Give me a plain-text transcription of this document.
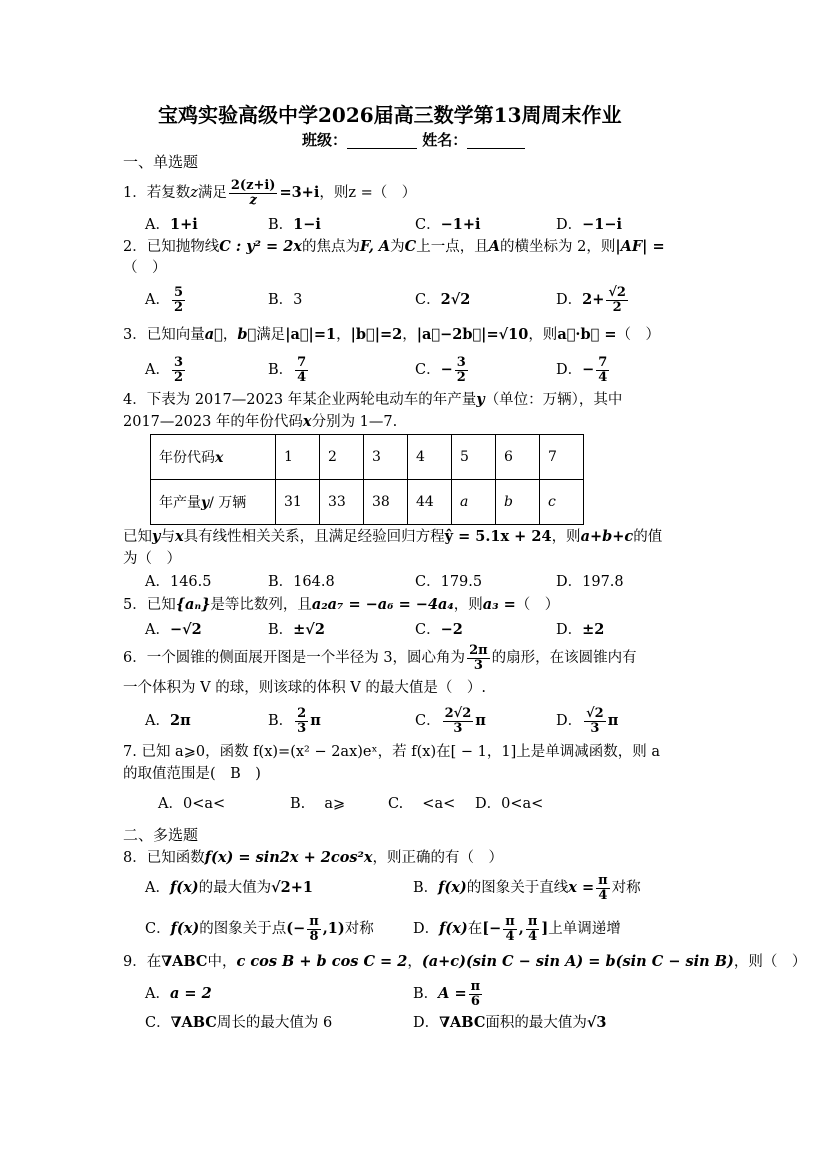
宝鸡实验高级中学2026届高三数学第13周周末作业
班级：	姓名：
一、单选题
1．若复数z满足 $\frac{2(z+i)}{z} =3+i$，则z =（　）
A．1+i	B．1−i	C．−1+i	D．−1−i
2．已知抛物线C : y² = 2x的焦点为F, A为C上一点，且A的横坐标为 2，则|AF| =
（　）
A． $\frac{5}{2}$	B．3	C．2√2	D．$2+ \frac{√2}{2}$
3．已知向量a⃗，b⃗满足|a⃗|=1，|b⃗|=2，|a⃗−2b⃗|=√10，则a⃗·b⃗ =（　）
A． $\frac{3}{2}$	B． $\frac{7}{4}$	C．− $\frac{3}{2}$	D．− $\frac{7}{4}$
4．下表为 2017—2023 年某企业两轮电动车的年产量y（单位：万辆），其中
2017—2023 年的年份代码x分别为 1—7.
年份代码x	1	2	3	4	5	6	7
年产量y/ 万辆	31	33	38	44	a	b	c
已知y与x具有线性相关关系，且满足经验回归方程ŷ = 5.1x + 24，则a+b+c的值
为（　）
A．146.5	B．164.8	C．179.5	D．197.8
5．已知{aₙ}是等比数列，且a₂a₇ = −a₆ = −4a₄，则a₃ =（　）
A．−√2	B．±√2	C．−2	D．±2
6．一个圆锥的侧面展开图是一个半径为 3，圆心角为 $\frac{2\pi}{3}$ 的扇形，在该圆锥内有
一个体积为 V 的球，则该球的体积 V 的最大值是（　）.
A．2π	B． $\frac{2}{3}$ π	C． $\frac{2√2}{3}$ π	D． $\frac{√2}{3}$ π
7. 已知 a⩾0，函数 f(x)=(x² − 2ax)eˣ，若 f(x)在[ − 1，1]上是单调减函数，则 a
的取值范围是(　B　)
A．0<a<	B.　 a⩾	C.　 <a< D．0<a<
二、多选题
8．已知函数f(x) = sin2x + 2cos²x，则正确的有（　）
A．f(x)的最大值为√2+1	B．f(x)的图象关于直线$x = \frac{\pi}{4}$ 对称
C．f(x)的图象关于点(− $\frac{\pi}{8} ,1$)对称	D．f(x)在[− $\frac{\pi}{4}$ , $\frac{\pi}{4}$ ]上单调递增
9．在∇ABC中，c cos B + b cos C = 2，(a+c)(sin C − sin A) = b(sin C − sin B)，则（　）
A．a = 2	B．$A = \frac{\pi}{6}$
C．∇ABC周长的最大值为 6	D．∇ABC面积的最大值为√3
